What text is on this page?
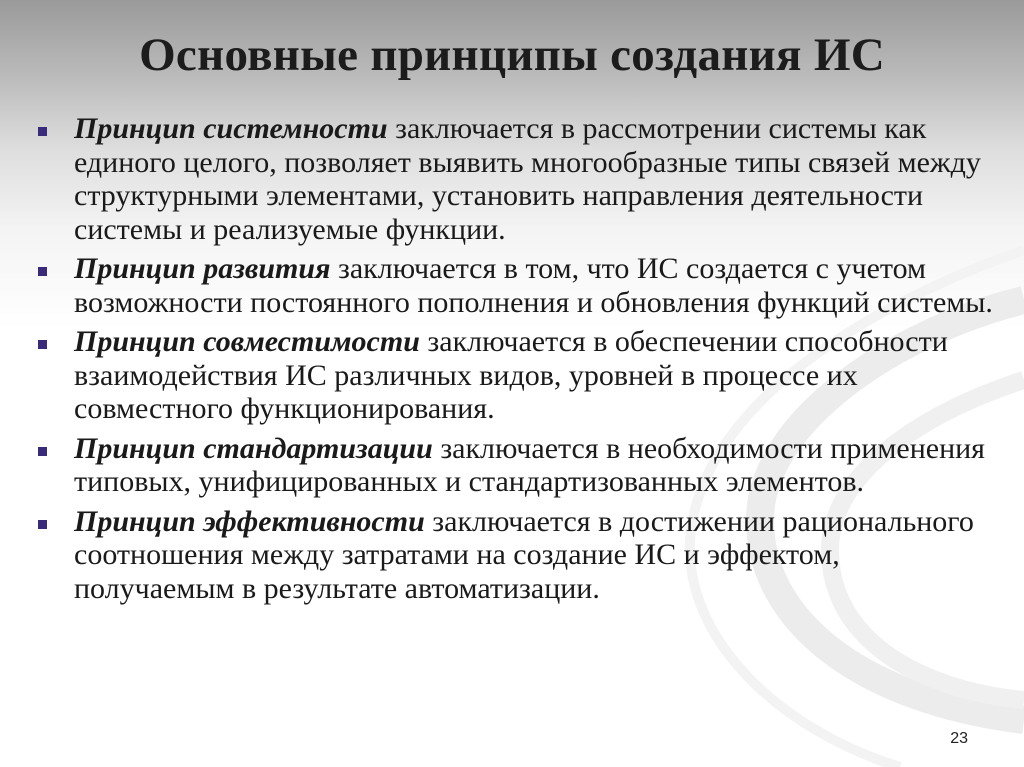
Основные принципы создания ИС
Принцип системности заключается в рассмотрении системы как единого целого, позволяет выявить многообразные типы связей между структурными элементами, установить направления деятельности системы и реализуемые функции.
Принцип развития заключается в том, что ИС создается с учетом возможности постоянного пополнения и обновления функций системы.
Принцип совместимости заключается в обеспечении способности взаимодействия ИС различных видов, уровней в процессе их совместного функционирования.
Принцип стандартизации заключается в необходимости применения типовых, унифицированных и стандартизованных элементов.
Принцип эффективности заключается в достижении рационального соотношения между затратами на создание ИС и эффектом, получаемым в результате автоматизации.
23
